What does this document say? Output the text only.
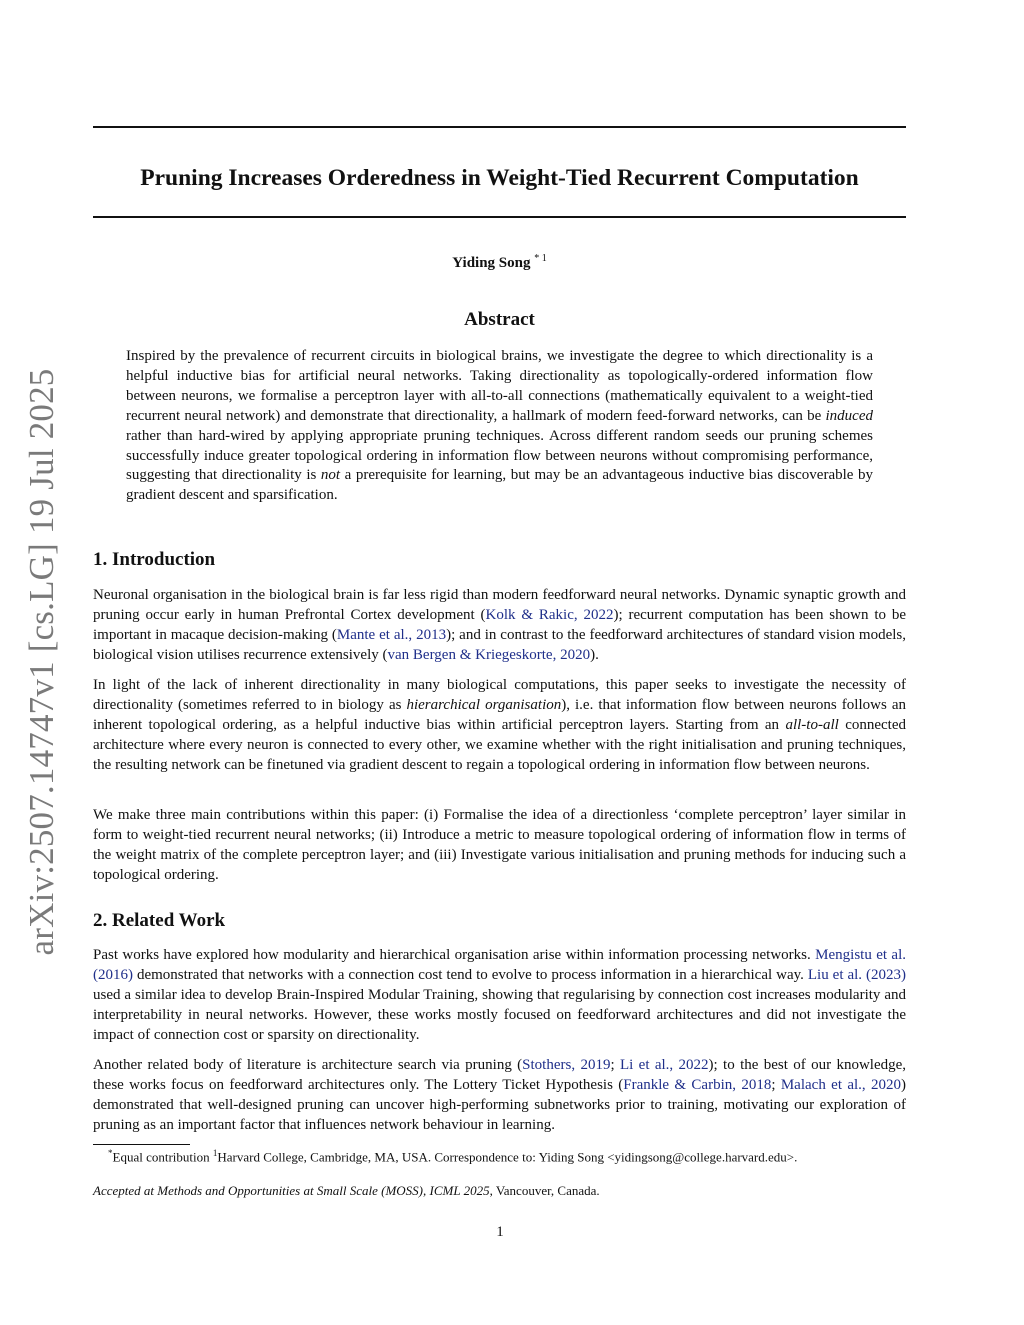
arXiv:2507.14747v1 [cs.LG] 19 Jul 2025
Pruning Increases Orderedness in Weight-Tied Recurrent Computation
Yiding Song $^{* 1}$
Abstract

Inspired by the prevalence of recurrent circuits in biological brains, we investigate the degree to which directionality is a helpful inductive bias for artificial neural networks. Taking directionality as topologically-ordered information flow between neurons, we formalise a perceptron layer with all-to-all connections (mathematically equivalent to a weight-tied recurrent neural network) and demonstrate that directionality, a hallmark of modern feed-forward networks, can be induced rather than hard-wired by applying appropriate pruning techniques. Across different random seeds our pruning schemes successfully induce greater topological ordering in information flow between neurons without compromising performance, suggesting that directionality is not a prerequisite for learning, but may be an advantageous inductive bias discoverable by gradient descent and sparsification.

1. Introduction

Neuronal organisation in the biological brain is far less rigid than modern feedforward neural networks. Dynamic synaptic growth and pruning occur early in human Prefrontal Cortex development (Kolk & Rakic, 2022); recurrent computation has been shown to be important in macaque decision-making (Mante et al., 2013); and in contrast to the feedforward architectures of standard vision models, biological vision utilises recurrence extensively (van Bergen & Kriegeskorte, 2020).

In light of the lack of inherent directionality in many biological computations, this paper seeks to investigate the necessity of directionality (sometimes referred to in biology as hierarchical organisation), i.e. that information flow between neurons follows an inherent topological ordering, as a helpful inductive bias within artificial perceptron layers. Starting from an all-to-all connected architecture where every neuron is connected to every other, we examine whether with the right initialisation and pruning techniques, the resulting network can be finetuned via gradient descent to regain a topological ordering in information flow between neurons.

We make three main contributions within this paper: (i) Formalise the idea of a directionless ‘complete perceptron’ layer similar in form to weight-tied recurrent neural networks; (ii) Introduce a metric to measure topological ordering of information flow in terms of the weight matrix of the complete perceptron layer; and (iii) Investigate various initialisation and pruning methods for inducing such a topological ordering.

2. Related Work

Past works have explored how modularity and hierarchical organisation arise within information processing networks. Mengistu et al. (2016) demonstrated that networks with a connection cost tend to evolve to process information in a hierarchical way. Liu et al. (2023) used a similar idea to develop Brain-Inspired Modular Training, showing that regularising by connection cost increases modularity and interpretability in neural networks. However, these works mostly focused on feedforward architectures and did not investigate the impact of connection cost or sparsity on directionality.

Another related body of literature is architecture search via pruning (Stothers, 2019; Li et al., 2022); to the best of our knowledge, these works focus on feedforward architectures only. The Lottery Ticket Hypothesis (Frankle & Carbin, 2018; Malach et al., 2020) demonstrated that well-designed pruning can uncover high-performing subnetworks prior to training, motivating our exploration of pruning as an important factor that influences network behaviour in learning.

*Equal contribution $^1$Harvard College, Cambridge, MA, USA. Correspondence to: Yiding Song <yidingsong@college.harvard.edu>.
Accepted at Methods and Opportunities at Small Scale (MOSS), ICML 2025, Vancouver, Canada.
1
